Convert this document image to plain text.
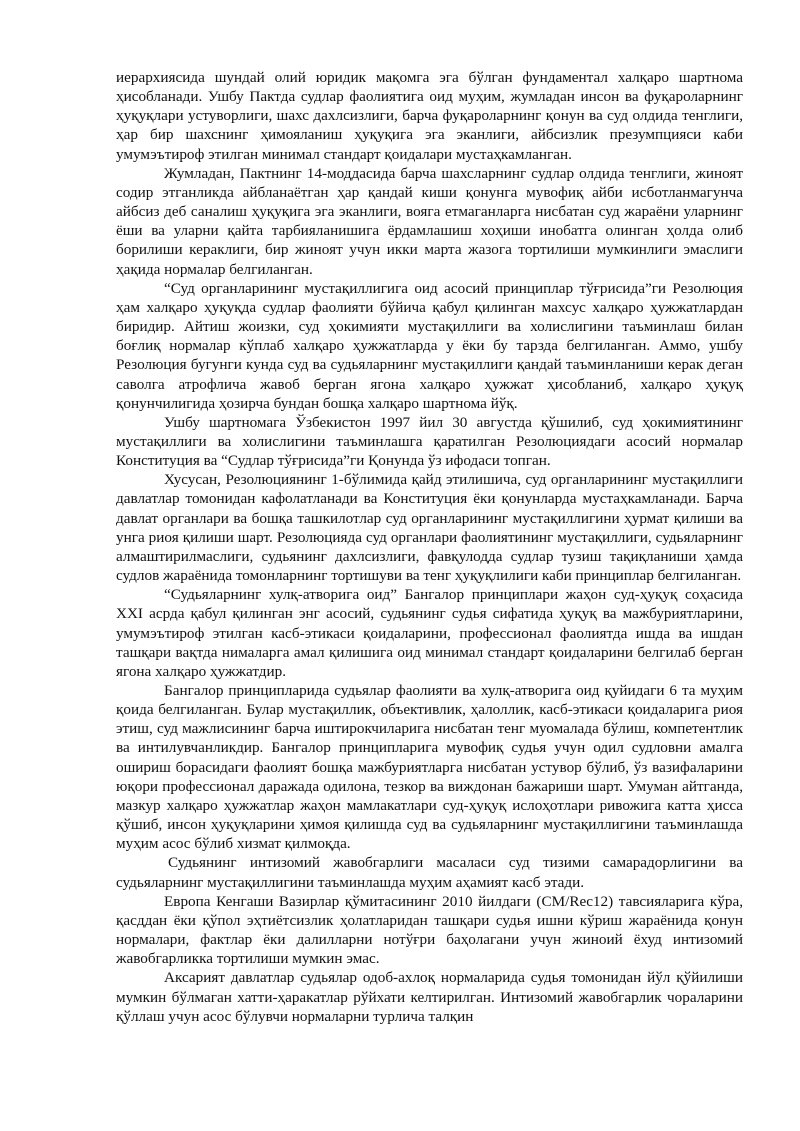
иерархиясида шундай олий юридик мақомга эга бўлган фундаментал халқаро шартнома ҳисобланади. Ушбу Пактда судлар фаолиятига оид муҳим, жумладан инсон ва фуқароларнинг ҳуқуқлари устуворлиги, шахс дахлсизлиги, барча фуқароларнинг қонун ва суд олдида тенглиги, ҳар бир шахснинг ҳимояланиш ҳуқуқига эга эканлиги, айбсизлик презумпцияси каби умумэътироф этилган минимал стандарт қоидалари мустаҳкамланган.

Жумладан, Пактнинг 14-моддасида барча шахсларнинг судлар олдида тенглиги, жиноят содир этганликда айбланаётган ҳар қандай киши қонунга мувофиқ айби исботланмагунча айбсиз деб саналиш ҳуқуқига эга эканлиги, вояга етмаганларга нисбатан суд жараёни уларнинг ёши ва уларни қайта тарбияланишига ёрдамлашиш хоҳиши инобатга олинган ҳолда олиб борилиши кераклиги, бир жиноят учун икки марта жазога тортилиши мумкинлиги эмаслиги ҳақида нормалар белгиланган.

“Суд органларининг мустақиллигига оид асосий принциплар тўғрисида”ги Резолюция ҳам халқаро ҳуқуқда судлар фаолияти бўйича қабул қилинган махсус халқаро ҳужжатлардан биридир. Айтиш жоизки, суд ҳокимияти мустақиллиги ва холислигини таъминлаш билан боғлиқ нормалар кўплаб халқаро ҳужжатларда у ёки бу тарзда белгиланган. Аммо, ушбу Резолюция бугунги кунда суд ва судьяларнинг мустақиллиги қандай таъминланиши керак деган саволга атрофлича жавоб берган ягона халқаро ҳужжат ҳисобланиб, халқаро ҳуқуқ қонунчилигида ҳозирча бундан бошқа халқаро шартнома йўқ.

Ушбу шартномага Ўзбекистон 1997 йил 30 августда қўшилиб, суд ҳокимиятининг мустақиллиги ва холислигини таъминлашга қаратилган Резолюциядаги асосий нормалар Конституция ва “Судлар тўғрисида”ги Қонунда ўз ифодаси топган.

Хусусан, Резолюциянинг 1-бўлимида қайд этилишича, суд органларининг мустақиллиги давлатлар томонидан кафолатланади ва Конституция ёки қонунларда мустаҳкамланади. Барча давлат органлари ва бошқа ташкилотлар суд органларининг мустақиллигини ҳурмат қилиши ва унга риоя қилиши шарт. Резолюцияда суд органлари фаолиятининг мустақиллиги, судьяларнинг алмаштирилмаслиги, судьянинг дахлсизлиги, фавқулодда судлар тузиш тақиқланиши ҳамда судлов жараёнида томонларнинг тортишуви ва тенг ҳуқуқлилиги каби принциплар белгиланган.

“Судьяларнинг хулқ-атворига оид” Бангалор принциплари жаҳон суд-ҳуқуқ соҳасида XXI асрда қабул қилинган энг асосий, судьянинг судья сифатида ҳуқуқ ва мажбуриятларини, умумэътироф этилган касб-этикаси қоидаларини, профессионал фаолиятда ишда ва ишдан ташқари вақтда нималарга амал қилишига оид минимал стандарт қоидаларини белгилаб берган ягона халқаро ҳужжатдир.

Бангалор принципларида судьялар фаолияти ва хулқ-атворига оид қуйидаги 6 та муҳим қоида белгиланган. Булар мустақиллик, объективлик, ҳалоллик, касб-этикаси қоидаларига риоя этиш, суд мажлисининг барча иштирокчиларига нисбатан тенг муомалада бўлиш, компетентлик ва интилувчанликдир. Бангалор принципларига мувофиқ судья учун одил судловни амалга ошириш борасидаги фаолият бошқа мажбуриятларга нисбатан устувор бўлиб, ўз вазифаларини юқори профессионал даражада одилона, тезкор ва виждонан бажариши шарт. Умуман айтганда, мазкур халқаро ҳужжатлар жаҳон мамлакатлари суд-ҳуқуқ ислоҳотлари ривожига катта ҳисса қўшиб, инсон ҳуқуқларини ҳимоя қилишда суд ва судьяларнинг мустақиллигини таъминлашда муҳим асос бўлиб хизмат қилмоқда.

Судьянинг интизомий жавобгарлиги масаласи суд тизими самарадорлигини ва судьяларнинг мустақиллигини таъминлашда муҳим аҳамият касб этади.

Европа Кенгаши Вазирлар қўмитасининг 2010 йилдаги (CM/Rec12) тавсияларига кўра, қасддан ёки қўпол эҳтиётсизлик ҳолатларидан ташқари судья ишни кўриш жараёнида қонун нормалари, фактлар ёки далилларни нотўғри баҳолагани учун жиноий ёхуд интизомий жавобгарликка тортилиши мумкин эмас.

Аксарият давлатлар судьялар одоб-ахлоқ нормаларида судья томонидан йўл қўйилиши мумкин бўлмаган хатти-ҳаракатлар рўйхати келтирилган. Интизомий жавобгарлик чораларини қўллаш учун асос бўлувчи нормаларни турлича талқин
